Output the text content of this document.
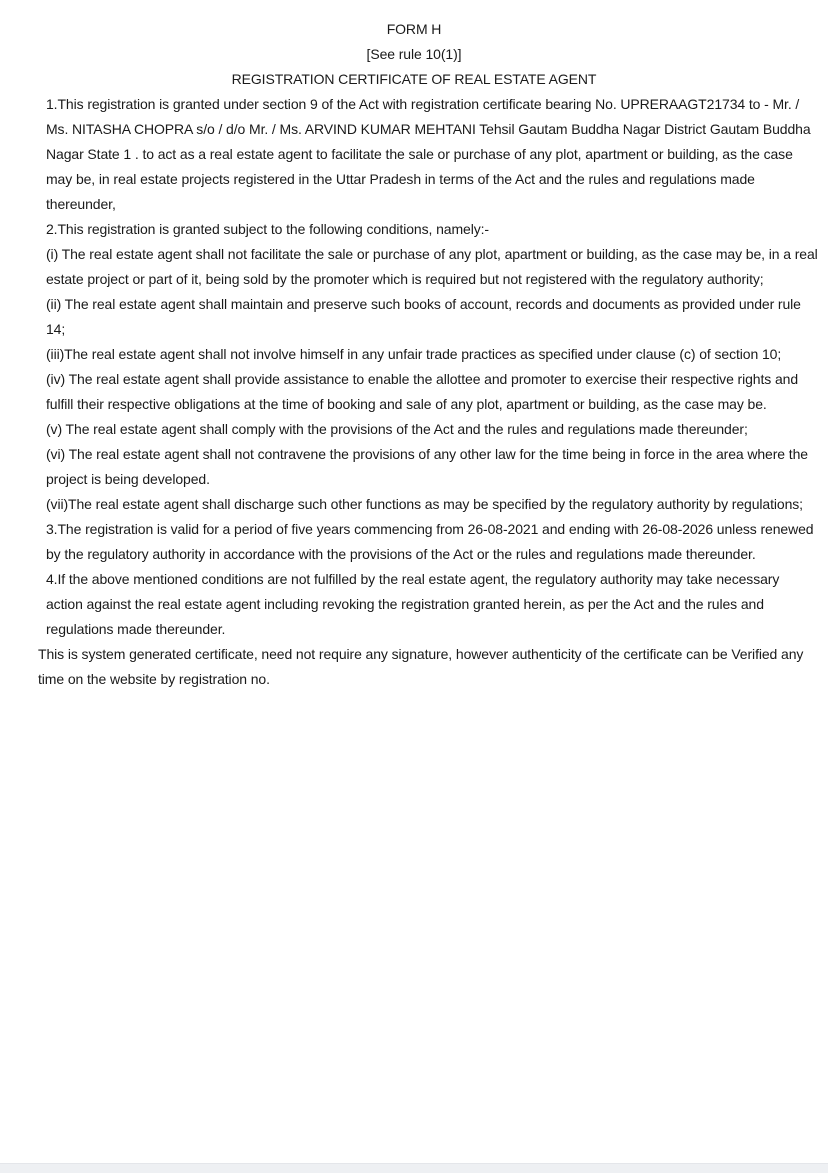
FORM H

[See rule 10(1)]

REGISTRATION CERTIFICATE OF REAL ESTATE AGENT

1.This registration is granted under section 9 of the Act with registration certificate bearing No. UPRERAAGT21734 to - Mr. / Ms. NITASHA CHOPRA s/o / d/o Mr. / Ms. ARVIND KUMAR MEHTANI Tehsil Gautam Buddha Nagar District Gautam Buddha Nagar State 1 . to act as a real estate agent to facilitate the sale or purchase of any plot, apartment or building, as the case may be, in real estate projects registered in the Uttar Pradesh in terms of the Act and the rules and regulations made thereunder,

2.This registration is granted subject to the following conditions, namely:-

(i) The real estate agent shall not facilitate the sale or purchase of any plot, apartment or building, as the case may be, in a real estate project or part of it, being sold by the promoter which is required but not registered with the regulatory authority;

(ii) The real estate agent shall maintain and preserve such books of account, records and documents as provided under rule 14;

(iii)The real estate agent shall not involve himself in any unfair trade practices as specified under clause (c) of section 10;

(iv) The real estate agent shall provide assistance to enable the allottee and promoter to exercise their respective rights and fulfill their respective obligations at the time of booking and sale of any plot, apartment or building, as the case may be.

(v) The real estate agent shall comply with the provisions of the Act and the rules and regulations made thereunder;

(vi) The real estate agent shall not contravene the provisions of any other law for the time being in force in the area where the project is being developed.

(vii)The real estate agent shall discharge such other functions as may be specified by the regulatory authority by regulations;

3.The registration is valid for a period of five years commencing from 26-08-2021 and ending with 26-08-2026 unless renewed by the regulatory authority in accordance with the provisions of the Act or the rules and regulations made thereunder.

4.If the above mentioned conditions are not fulfilled by the real estate agent, the regulatory authority may take necessary action against the real estate agent including revoking the registration granted herein, as per the Act and the rules and regulations made thereunder.

This is system generated certificate, need not require any signature, however authenticity of the certificate can be Verified any time on the website by registration no.
